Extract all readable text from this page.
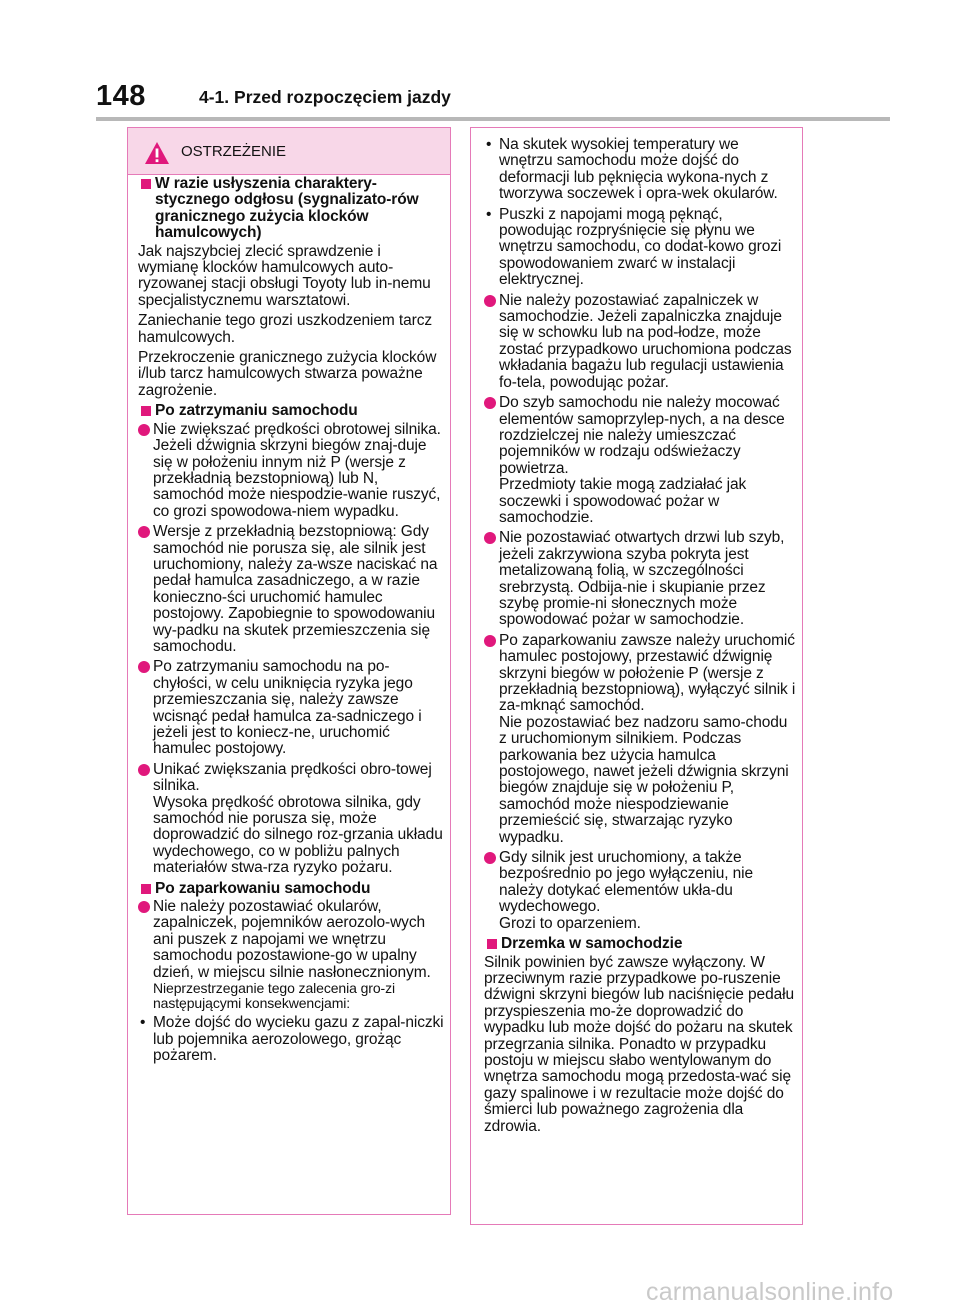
148	4-1. Przed rozpoczęciem jazdy
OSTRZEŻENIE
W razie usłyszenia charaktery-stycznego odgłosu (sygnalizato-rów granicznego zużycia klocków hamulcowych)

Jak najszybciej zlecić sprawdzenie i wymianę klocków hamulcowych auto-ryzowanej stacji obsługi Toyoty lub in-nemu specjalistycznemu warsztatowi.

Zaniechanie tego grozi uszkodzeniem tarcz hamulcowych.

Przekroczenie granicznego zużycia klocków i/lub tarcz hamulcowych stwarza poważne zagrożenie.

Po zatrzymaniu samochodu
Nie zwiększać prędkości obrotowej silnika.
Jeżeli dźwignia skrzyni biegów znaj-duje się w położeniu innym niż P (wersje z przekładnią bezstopniową) lub N, samochód może niespodzie-wanie ruszyć, co grozi spowodowa-niem wypadku.
Wersje z przekładnią bezstopniową: Gdy samochód nie porusza się, ale silnik jest uruchomiony, należy za-wsze naciskać na pedał hamulca zasadniczego, a w razie konieczno-ści uruchomić hamulec postojowy. Zapobiegnie to spowodowaniu wy-padku na skutek przemieszczenia się samochodu.
Po zatrzymaniu samochodu na po-chyłości, w celu uniknięcia ryzyka jego przemieszczania się, należy zawsze wcisnąć pedał hamulca za-sadniczego i jeżeli jest to koniecz-ne, uruchomić hamulec postojowy.
Unikać zwiększania prędkości obro-towej silnika.
Wysoka prędkość obrotowa silnika, gdy samochód nie porusza się, może doprowadzić do silnego roz-grzania układu wydechowego, co w pobliżu palnych materiałów stwa-rza ryzyko pożaru.
Po zaparkowaniu samochodu
Nie należy pozostawiać okularów, zapalniczek, pojemników aerozolo-wych ani puszek z napojami we wnętrzu samochodu pozostawione-go w upalny dzień, w miejscu silnie nasłonecznionym.
Nieprzestrzeganie tego zalecenia gro-zi następującymi konsekwencjami:
• Może dojść do wycieku gazu z zapal-niczki lub pojemnika aerozolowego, grożąc pożarem.
• Na skutek wysokiej temperatury we wnętrzu samochodu może dojść do deformacji lub pęknięcia wykona-nych z tworzywa soczewek i opra-wek okularów.
• Puszki z napojami mogą pęknąć, powodując rozpryśnięcie się płynu we wnętrzu samochodu, co dodat-kowo grozi spowodowaniem zwarć w instalacji elektrycznej.
Nie należy pozostawiać zapalniczek w samochodzie. Jeżeli zapalniczka znajduje się w schowku lub na pod-łodze, może zostać przypadkowo uruchomiona podczas wkładania bagażu lub regulacji ustawienia fo-tela, powodując pożar.
Do szyb samochodu nie należy mocować elementów samoprzylep-nych, a na desce rozdzielczej nie należy umieszczać pojemników w rodzaju odświeżaczy powietrza.
Przedmioty takie mogą zadziałać jak soczewki i spowodować pożar w samochodzie.
Nie pozostawiać otwartych drzwi lub szyb, jeżeli zakrzywiona szyba pokryta jest metalizowaną folią, w szczególności srebrzystą. Odbija-nie i skupianie przez szybę promie-ni słonecznych może spowodować pożar w samochodzie.
Po zaparkowaniu zawsze należy uruchomić hamulec postojowy, przestawić dźwignię skrzyni biegów w położenie P (wersje z przekładnią bezstopniową), wyłączyć silnik i za-mknąć samochód.
Nie pozostawiać bez nadzoru samo-chodu z uruchomionym silnikiem. Podczas parkowania bez użycia hamulca postojowego, nawet jeżeli dźwignia skrzyni biegów znajduje się w położeniu P, samochód może niespodziewanie przemieścić się, stwarzając ryzyko wypadku.
Gdy silnik jest uruchomiony, a także bezpośrednio po jego wyłączeniu, nie należy dotykać elementów ukła-du wydechowego.
Grozi to oparzeniem.
Drzemka w samochodzie

Silnik powinien być zawsze wyłączony. W przeciwnym razie przypadkowe po-ruszenie dźwigni skrzyni biegów lub naciśnięcie pedału przyspieszenia mo-że doprowadzić do wypadku lub może dojść do pożaru na skutek przegrzania silnika. Ponadto w przypadku postoju w miejscu słabo wentylowanym do wnętrza samochodu mogą przedosta-wać się gazy spalinowe i w rezultacie może dojść do śmierci lub poważnego zagrożenia dla zdrowia.

carmanualsonline.info
